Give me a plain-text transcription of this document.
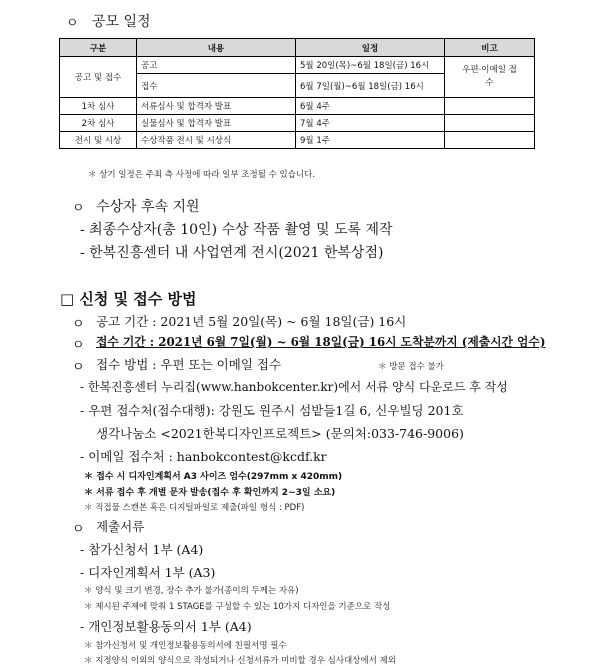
ㅇ 공모 일정
구분	내용	일정	비고
공고 및 접수	공고	5월 20일(목)~6월 18일(금) 16시	우편·이메일 접수
	접수	6월 7일(월)~6월 18일(금) 16시	
1차 심사	서류심사 및 합격자 발표	6월 4주	
2차 심사	실물심사 및 합격자 발표	7월 4주	
전시 및 시상	수상작품 전시 및 시상식	9월 1주	
＊ 상기 일정은 주최 측 사정에 따라 일부 조정될 수 있습니다.
ㅇ 수상자 후속 지원
- 최종수상자(총 10인) 수상 작품 촬영 및 도록 제작
- 한복진흥센터 내 사업연계 전시(2021 한복상점)
□ 신청 및 접수 방법
ㅇ 공고 기간 : 2021년 5월 20일(목) ~ 6월 18일(금) 16시
ㅇ 접수 기간 : 2021년 6월 7일(월) ~ 6월 18일(금) 16시 도착분까지 (제출시간 엄수)
ㅇ 접수 방법 : 우편 또는 이메일 접수	＊ 방문 접수 불가
- 한복진흥센터 누리집(www.hanbokcenter.kr)에서 서류 양식 다운로드 후 작성
- 우편 접수처(접수대행): 강원도 원주시 섬밭들1길 6, 신우빌딩 201호
생각나눔소 <2021한복디자인프로젝트> (문의처:033-746-9006)
- 이메일 접수처 : hanbokcontest@kcdf.kr
＊ 접수 시 디자인계획서 A3 사이즈 엄수(297mm x 420mm)
＊ 서류 접수 후 개별 문자 발송(접수 후 확인까지 2~3일 소요)
＊ 직접물 스캔본 혹은 디지털파일로 제출(파일 형식 : PDF)
ㅇ 제출서류
- 참가신청서 1부 (A4)
- 디자인계획서 1부 (A3)
＊ 양식 및 크기 변경, 장수 추가 불가(종이의 두께는 자유)
＊ 제시된 주제에 맞춰 1 STAGE를 구성할 수 있는 10가지 디자인을 기준으로 작성
- 개인정보활용동의서 1부 (A4)
＊ 참가신청서 및 개인정보활용동의서에 친필서명 필수
＊ 지정양식 이외의 양식으로 작성되거나 신청서류가 미비할 경우 심사대상에서 제외
